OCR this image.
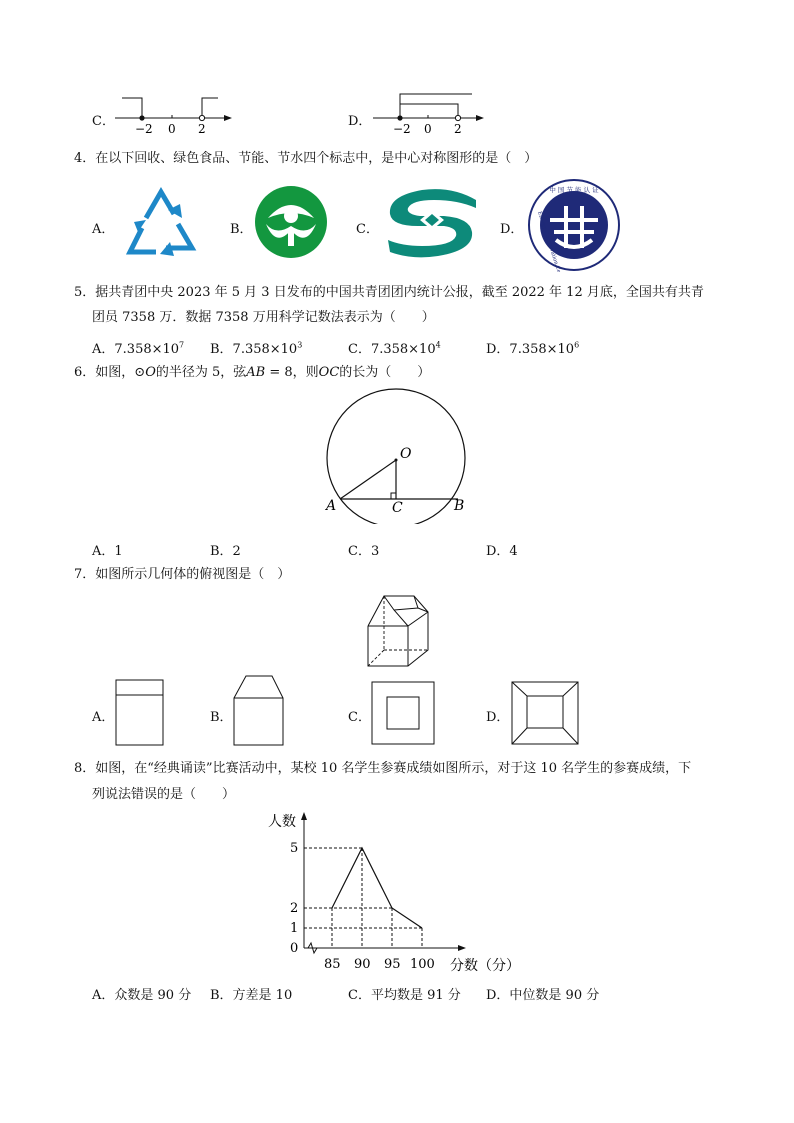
C． −2 0 2	D． −2 0 2
4．在以下回收、绿色食品、节能、节水四个标志中，是中心对称图形的是（　）
A．	B．	C．	D．
中 国 节 能 认 证
Energy Conservation
5．据共青团中央 2023 年 5 月 3 日发布的中国共青团团内统计公报，截至 2022 年 12 月底，全国共有共青
团员 7358 万．数据 7358 万用科学记数法表示为（　　）
A．$7.358\times 10^7$ B．$7.358\times 10^3$	C．$7.358\times 10^4$	D．$7.358\times 10^6$
6．如图，⊙O的半径为 5，弦AB = 8，则OC的长为（　　）
O
A	B
C
A．1	B．2	C．3	D．4
7．如图所示几何体的俯视图是（　）
A．	B．	C．	D．
8．如图，在“经典诵读”比赛活动中，某校 10 名学生参赛成绩如图所示，对于这 10 名学生的参赛成绩，下
列说法错误的是（　　）
0
1
2
5
85 90 95 100
人数
分数（分）
A．众数是 90 分 B．方差是 10	C．平均数是 91 分 D．中位数是 90 分
